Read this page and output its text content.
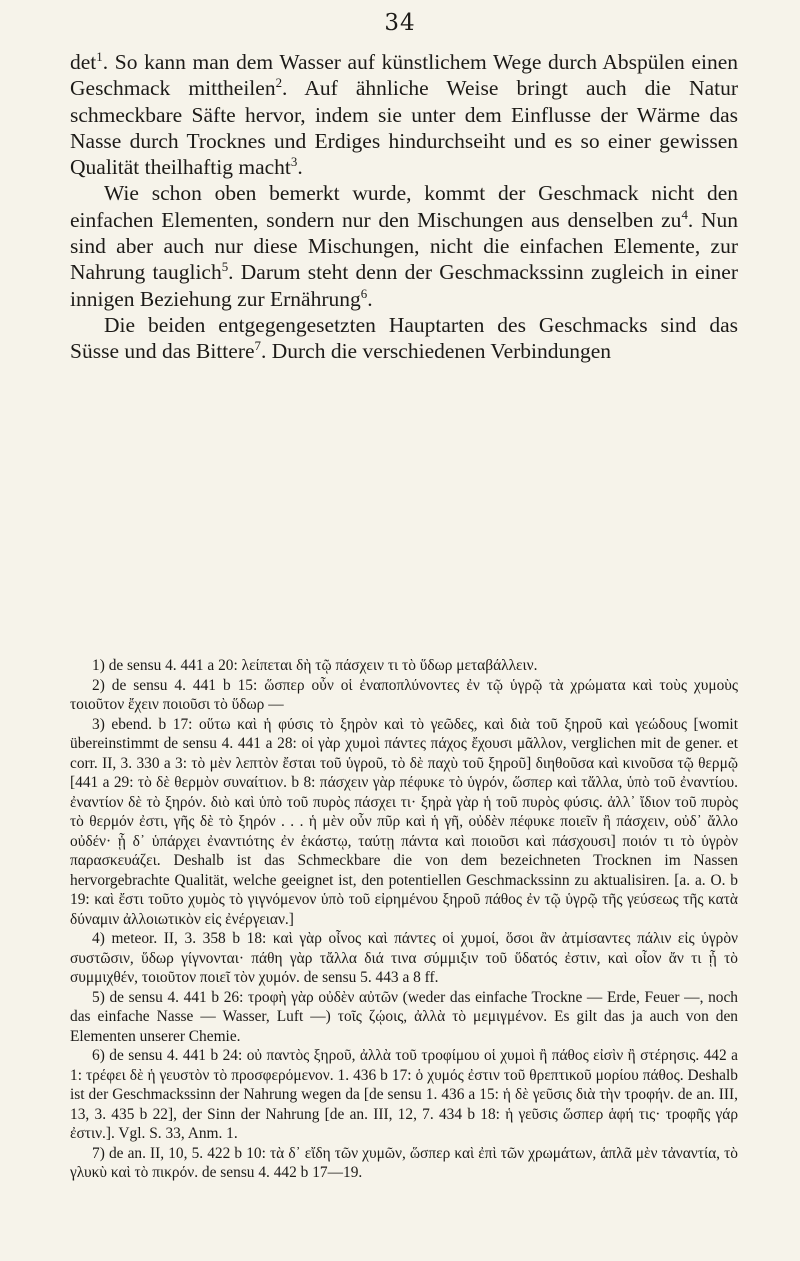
34

$\det^1$. So kann man dem Wasser auf künstlichem Wege durch Abspülen einen Geschmack mittheilen$^2$. Auf ähnliche Weise bringt auch die Natur schmeckbare Säfte hervor, indem sie unter dem Einflusse der Wärme das Nasse durch Trocknes und Erdiges hindurchseiht und es so einer gewissen Qualität theilhaftig macht$^3$.

Wie schon oben bemerkt wurde, kommt der Geschmack nicht den einfachen Elementen, sondern nur den Mischungen aus denselben $zu^4$. Nun sind aber auch nur diese Mischungen, nicht die einfachen Elemente, zur Nahrung tauglich$^5$. Darum steht denn der Geschmackssinn zugleich in einer innigen Beziehung zur Ernährung$^6$.

Die beiden entgegengesetzten Hauptarten des Geschmacks sind das Süsse und das Bittere$^7$. Durch die verschiedenen Verbindungen

1) de sensu 4. 441 a 20: λείπεται δὴ τῷ πάσχειν τι τὸ ὕδωρ μεταβάλλειν.

2) de sensu 4. 441 b 15: ὥσπερ οὖν οἱ ἐναποπλύνοντες ἐν τῷ ὑγρῷ τὰ χρώματα καὶ τοὺς χυμοὺς τοιοῦτον ἔχειν ποιοῦσι τὸ ὕδωρ —

3) ebend. b 17: οὕτω καὶ ἡ φύσις τὸ ξηρὸν καὶ τὸ γεῶδες, καὶ διὰ τοῦ ξηροῦ καὶ γεώδους [womit übereinstimmt de sensu 4. 441 a 28: οἱ γὰρ χυμοὶ πάντες πάχος ἔχουσι μᾶλλον, verglichen mit de gener. et corr. II, 3. 330 a 3: τὸ μὲν λεπτὸν ἔσται τοῦ ὑγροῦ, τὸ δὲ παχὺ τοῦ ξηροῦ] διηθοῦσα καὶ κινοῦσα τῷ θερμῷ [441 a 29: τὸ δὲ θερμὸν συναίτιον. b 8: πάσχειν γὰρ πέφυκε τὸ ὑγρόν, ὥσπερ καὶ τἄλλα, ὑπὸ τοῦ ἐναντίου. ἐναντίον δὲ τὸ ξηρόν. διὸ καὶ ὑπὸ τοῦ πυρὸς πάσχει τι· ξηρὰ γὰρ ἡ τοῦ πυρὸς φύσις. ἀλλ᾽ ἴδιον τοῦ πυρὸς τὸ θερμόν ἐστι, γῆς δὲ τὸ ξηρόν . . . ἡ μὲν οὖν πῦρ καὶ ἡ γῆ, οὐδὲν πέφυκε ποιεῖν ἢ πάσχειν, οὐδ᾽ ἄλλο οὐδέν· ᾗ δ᾽ ὑπάρχει ἐναντιότης ἐν ἑκάστῳ, ταύτῃ πάντα καὶ ποιοῦσι καὶ πάσχουσι] ποιόν τι τὸ ὑγρὸν παρασκευάζει. Deshalb ist das Schmeckbare die von dem bezeichneten Trocknen im Nassen hervorgebrachte Qualität, welche geeignet ist, den potentiellen Geschmackssinn zu aktualisiren. [a. a. O. b 19: καὶ ἔστι τοῦτο χυμὸς τὸ γιγνόμενον ὑπὸ τοῦ εἰρημένου ξηροῦ πάθος ἐν τῷ ὑγρῷ τῆς γεύσεως τῆς κατὰ δύναμιν ἀλλοιωτικὸν εἰς ἐνέργειαν.]

4) meteor. II, 3. 358 b 18: καὶ γὰρ οἶνος καὶ πάντες οἱ χυμοί, ὅσοι ἂν ἀτμίσαντες πάλιν εἰς ὑγρὸν συστῶσιν, ὕδωρ γίγνονται· πάθη γὰρ τἄλλα διά τινα σύμμιξιν τοῦ ὕδατός ἐστιν, καὶ οἷον ἄν τι ᾖ τὸ συμμιχθέν, τοιοῦτον ποιεῖ τὸν χυμόν. de sensu 5. 443 a 8 ff.

5) de sensu 4. 441 b 26: τροφὴ γὰρ οὐδὲν αὐτῶν (weder das einfache Trockne — Erde, Feuer —, noch das einfache Nasse — Wasser, Luft —) τοῖς ζῴοις, ἀλλὰ τὸ μεμιγμένον. Es gilt das ja auch von den Elementen unserer Chemie.

6) de sensu 4. 441 b 24: οὐ παντὸς ξηροῦ, ἀλλὰ τοῦ τροφίμου οἱ χυμοὶ ἢ πάθος εἰσὶν ἢ στέρησις. 442 a 1: τρέφει δὲ ἡ γευστὸν τὸ προσφερόμενον. 1. 436 b 17: ὁ χυμός ἐστιν τοῦ θρεπτικοῦ μορίου πάθος. Deshalb ist der Geschmackssinn der Nahrung wegen da [de sensu 1. 436 a 15: ἡ δὲ γεῦσις διὰ τὴν τροφήν. de an. III, 13, 3. 435 b 22], der Sinn der Nahrung [de an. III, 12, 7. 434 b 18: ἡ γεῦσις ὥσπερ ἁφή τις· τροφῆς γάρ ἐστιν.]. Vgl. S. 33, Anm. 1.

7) de an. II, 10, 5. 422 b 10: τὰ δ᾽ εἴδη τῶν χυμῶν, ὥσπερ καὶ ἐπὶ τῶν χρωμάτων, ἁπλᾶ μὲν τἀναντία, τὸ γλυκὺ καὶ τὸ πικρόν. de sensu 4. 442 b 17—19.
